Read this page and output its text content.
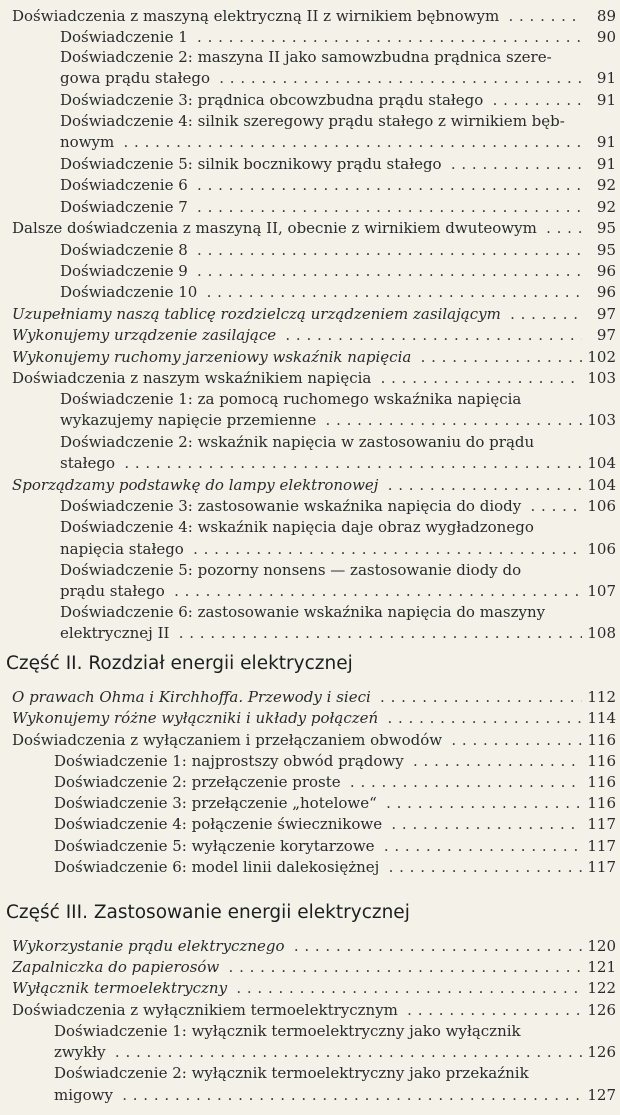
Doświadczenia z maszyną elektryczną II z wirnikiem bębnowym . . .	89
Doświadczenie 1 . . .	90
Doświadczenie 2: maszyna II jako samowzbudna prądnica szere-
gowa prądu stałego . . .	91
Doświadczenie 3: prądnica obcowzbudna prądu stałego . . .	91
Doświadczenie 4: silnik szeregowy prądu stałego z wirnikiem bęb-
nowym . . .	91
Doświadczenie 5: silnik bocznikowy prądu stałego . . .	91
Doświadczenie 6 . . .	92
Doświadczenie 7 . . .	92
Dalsze doświadczenia z maszyną II, obecnie z wirnikiem dwuteowym . . .	95
Doświadczenie 8 . . .	95
Doświadczenie 9 . . .	96
Doświadczenie 10 . . .	96
Uzupełniamy naszą tablicę rozdzielczą urządzeniem zasilającym . . .	97
Wykonujemy urządzenie zasilające . . .	97
Wykonujemy ruchomy jarzeniowy wskaźnik napięcia . . .	102
Doświadczenia z naszym wskaźnikiem napięcia . . .	103
Doświadczenie 1: za pomocą ruchomego wskaźnika napięcia
wykazujemy napięcie przemienne . . .	103
Doświadczenie 2: wskaźnik napięcia w zastosowaniu do prądu
stałego . . .	104
Sporządzamy podstawkę do lampy elektronowej . . .	104
Doświadczenie 3: zastosowanie wskaźnika napięcia do diody . . .	106
Doświadczenie 4: wskaźnik napięcia daje obraz wygładzonego
napięcia stałego . . .	106
Doświadczenie 5: pozorny nonsens — zastosowanie diody do
prądu stałego . . .	107
Doświadczenie 6: zastosowanie wskaźnika napięcia do maszyny
elektrycznej II . . .	108
Część II. Rozdział energii elektrycznej
O prawach Ohma i Kirchhoffa. Przewody i sieci . . .	112
Wykonujemy różne wyłączniki i układy połączeń . . .	114
Doświadczenia z wyłączaniem i przełączaniem obwodów . . .	116
Doświadczenie 1: najprostszy obwód prądowy . . .	116
Doświadczenie 2: przełączenie proste . . .	116
Doświadczenie 3: przełączenie „hotelowe“ . . .	116
Doświadczenie 4: połączenie świecznikowe . . .	117
Doświadczenie 5: wyłączenie korytarzowe . . .	117
Doświadczenie 6: model linii dalekosiężnej . . .	117
Część III. Zastosowanie energii elektrycznej
Wykorzystanie prądu elektrycznego . . .	120
Zapalniczka do papierosów . . .	121
Wyłącznik termoelektryczny . . .	122
Doświadczenia z wyłącznikiem termoelektrycznym . . .	126
Doświadczenie 1: wyłącznik termoelektryczny jako wyłącznik
zwykły . . .	126
Doświadczenie 2: wyłącznik termoelektryczny jako przekaźnik
migowy . . .	127
